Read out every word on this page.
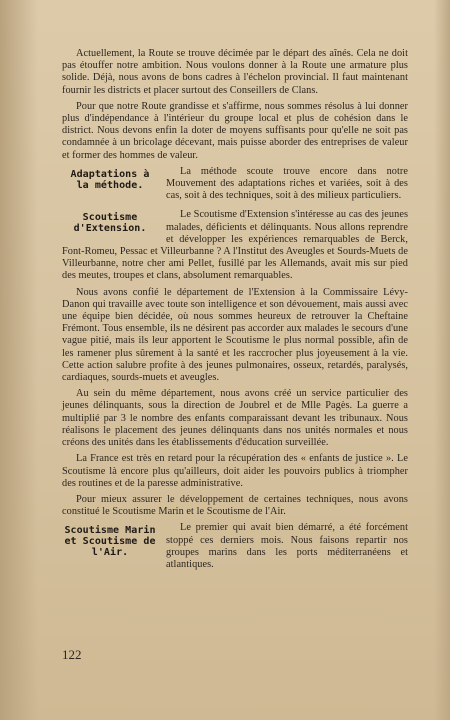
Actuellement, la Route se trouve décimée par le départ des aînés. Cela ne doit pas étouffer notre ambition. Nous voulons donner à la Route une armature plus solide. Déjà, nous avons de bons cadres à l'échelon provincial. Il faut maintenant fournir les districts et placer surtout des Conseillers de Clans.

Pour que notre Route grandisse et s'affirme, nous sommes résolus à lui donner plus d'indépendance à l'intérieur du groupe local et plus de cohésion dans le district. Nous devons enfin la doter de moyens suffisants pour qu'elle ne soit pas condamnée à un bricolage décevant, mais puisse aborder des entreprises de valeur et former des hommes de valeur.

Adaptations à la méthode.

La méthode scoute trouve encore dans notre Mouvement des adaptations riches et variées, soit à des cas, soit à des techniques, soit à des milieux particuliers.

Scoutisme d'Extension.

Le Scoutisme d'Extension s'intéresse au cas des jeunes malades, déficients et délinquants. Nous allons reprendre et développer les expériences remarquables de Berck, Font-Romeu, Pessac et Villeurbanne ? A l'Institut des Aveugles et Sourds-Muets de Villeurbanne, notre cher ami Pellet, fusillé par les Allemands, avait mis sur pied des meutes, troupes et clans, absolument remarquables.

Nous avons confié le département de l'Extension à la Commissaire Lévy-Danon qui travaille avec toute son intelligence et son dévouement, mais aussi avec une équipe bien décidée, où nous sommes heureux de retrouver la Cheftaine Frémont. Tous ensemble, ils ne désirent pas accorder aux malades le secours d'une vague pitié, mais ils leur apportent le Scoutisme le plus normal possible, afin de les ramener plus sûrement à la santé et les raccrocher plus joyeusement à la vie. Cette action salubre profite à des jeunes pulmonaires, osseux, retardés, paralysés, cardiaques, sourds-muets et aveugles.

Au sein du même département, nous avons créé un service particulier des jeunes délinquants, sous la direction de Joubrel et de Mlle Pagès. La guerre a multiplié par 3 le nombre des enfants comparaissant devant les tribunaux. Nous réalisons le placement des jeunes délinquants dans nos unités normales et nous créons des unités dans les établissements d'éducation surveillée.

La France est très en retard pour la récupération des « enfants de justice ». Le Scoutisme là encore plus qu'ailleurs, doit aider les pouvoirs publics à triompher des routines et de la paresse administrative.

Pour mieux assurer le développement de certaines techniques, nous avons constitué le Scoutisme Marin et le Scoutisme de l'Air.

Scoutisme Marin et Scoutisme de l'Air.

Le premier qui avait bien démarré, a été forcément stoppé ces derniers mois. Nous faisons repartir nos groupes marins dans les ports méditerranéens et atlantiques.

122
